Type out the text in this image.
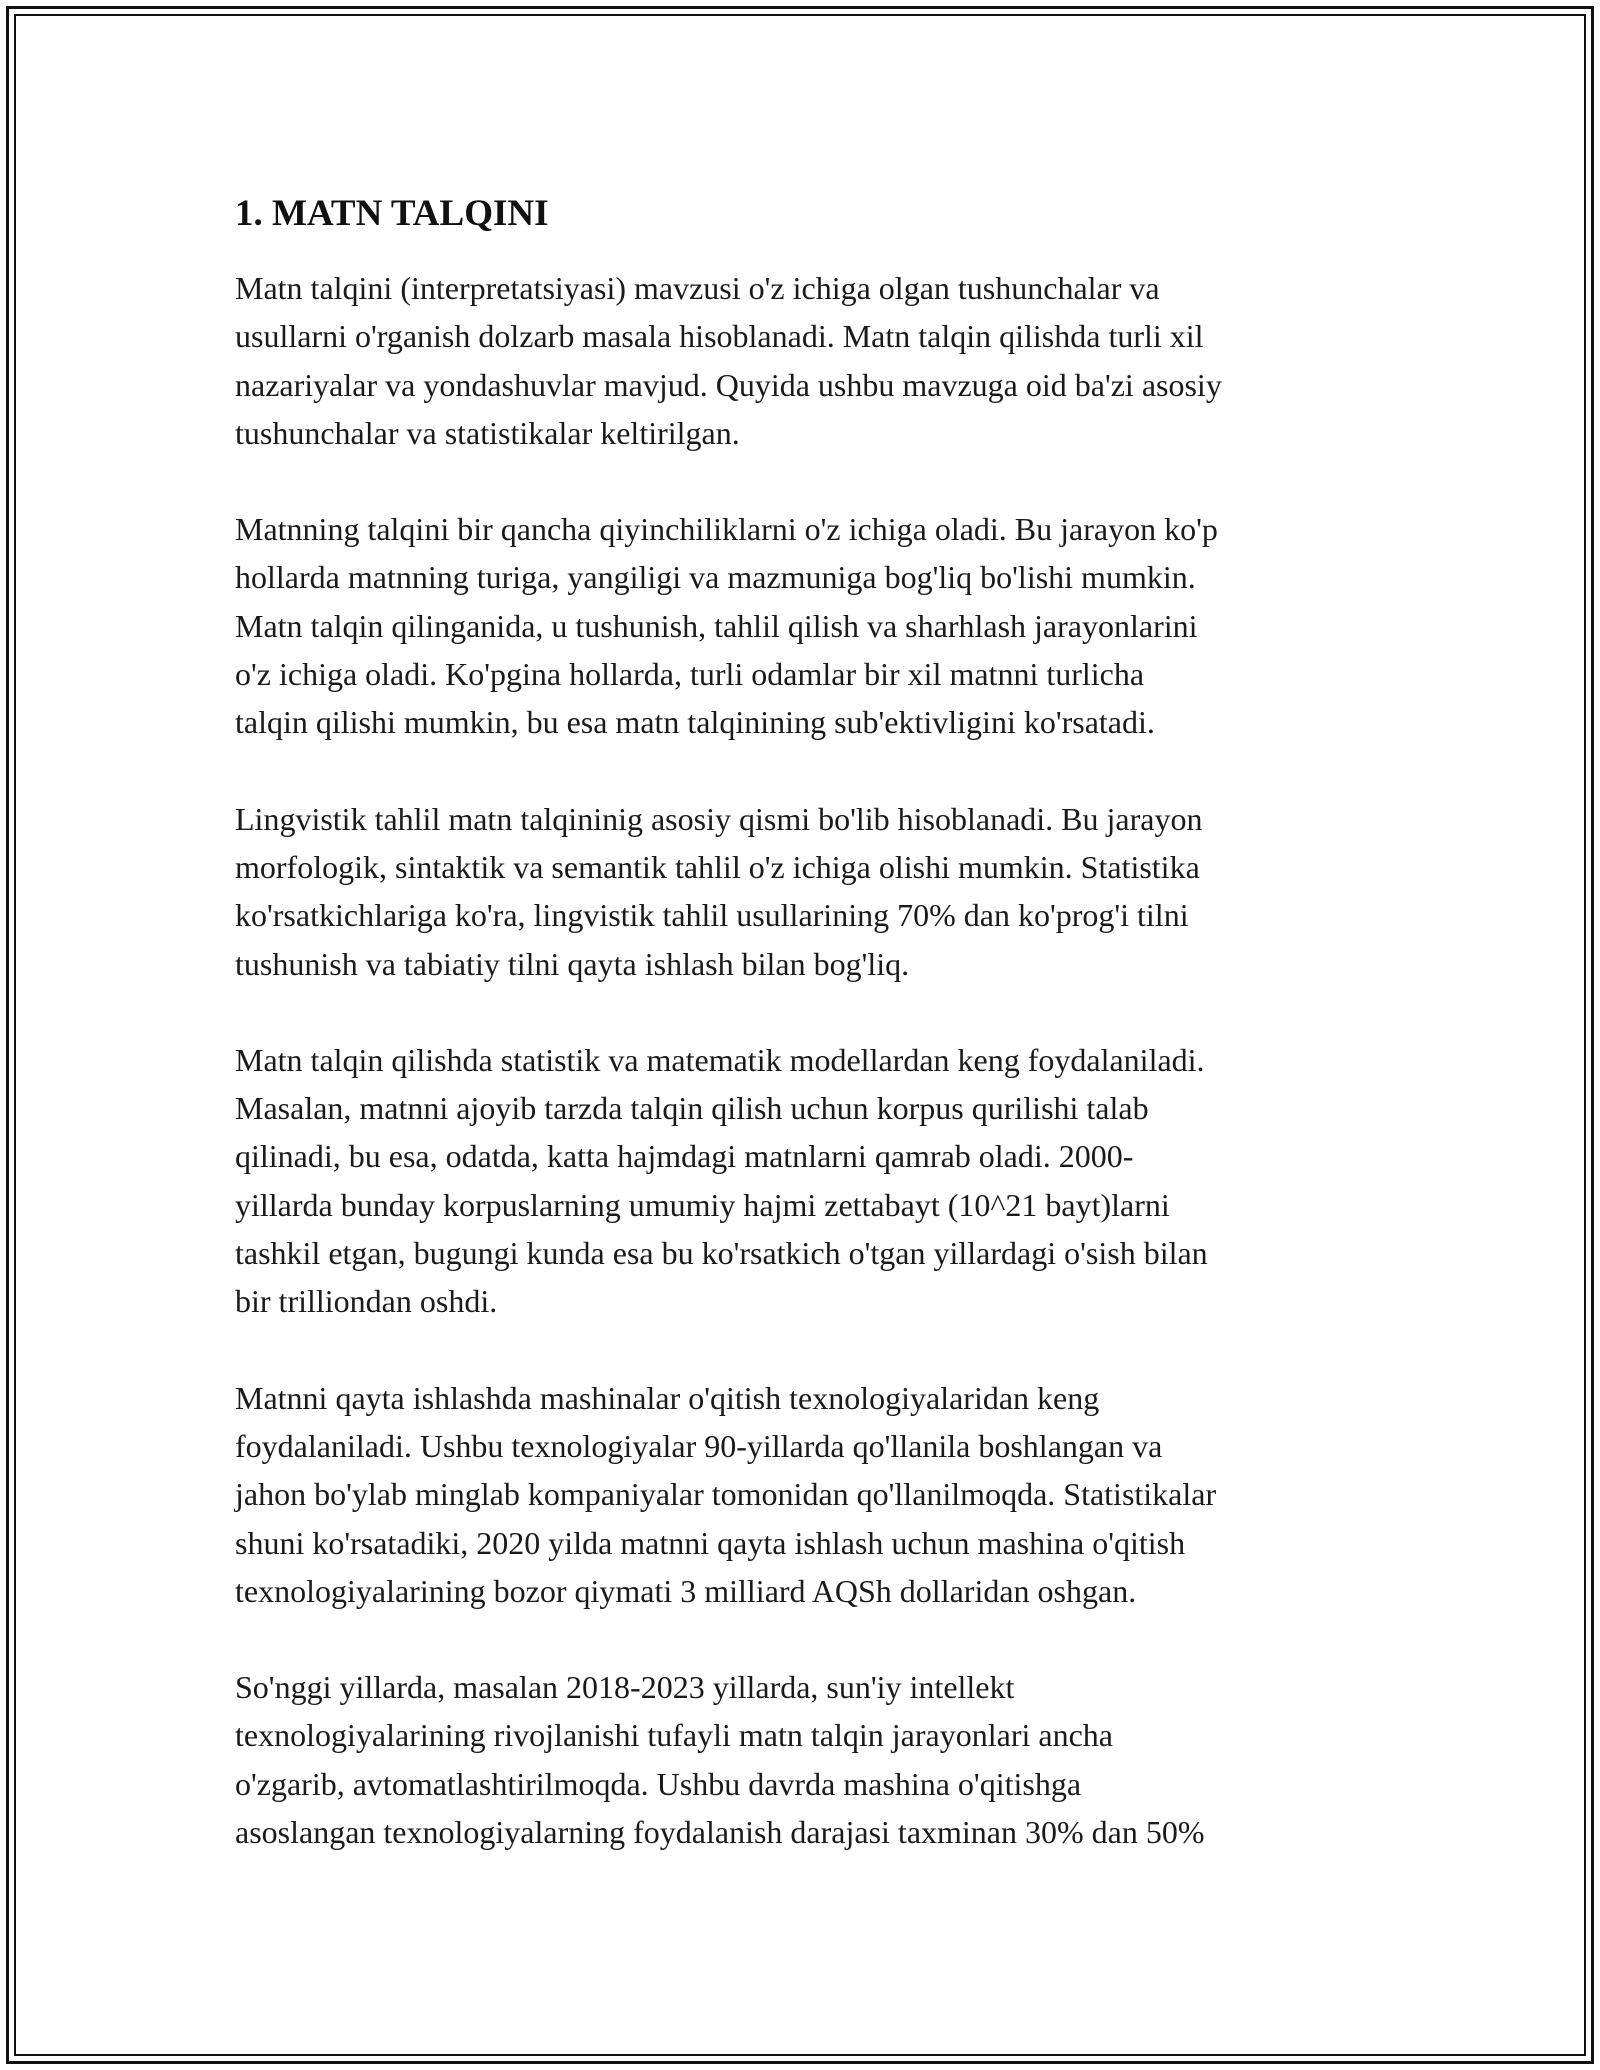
1. MATN TALQINI

Matn talqini (interpretatsiyasi) mavzusi o'z ichiga olgan tushunchalar va
usullarni o'rganish dolzarb masala hisoblanadi. Matn talqin qilishda turli xil
nazariyalar va yondashuvlar mavjud. Quyida ushbu mavzuga oid ba'zi asosiy
tushunchalar va statistikalar keltirilgan.

Matnning talqini bir qancha qiyinchiliklarni o'z ichiga oladi. Bu jarayon ko'p
hollarda matnning turiga, yangiligi va mazmuniga bog'liq bo'lishi mumkin.
Matn talqin qilinganida, u tushunish, tahlil qilish va sharhlash jarayonlarini
o'z ichiga oladi. Ko'pgina hollarda, turli odamlar bir xil matnni turlicha
talqin qilishi mumkin, bu esa matn talqinining sub'ektivligini ko'rsatadi.

Lingvistik tahlil matn talqininig asosiy qismi bo'lib hisoblanadi. Bu jarayon
morfologik, sintaktik va semantik tahlil o'z ichiga olishi mumkin. Statistika
ko'rsatkichlariga ko'ra, lingvistik tahlil usullarining 70% dan ko'prog'i tilni
tushunish va tabiatiy tilni qayta ishlash bilan bog'liq.

Matn talqin qilishda statistik va matematik modellardan keng foydalaniladi.
Masalan, matnni ajoyib tarzda talqin qilish uchun korpus qurilishi talab
qilinadi, bu esa, odatda, katta hajmdagi matnlarni qamrab oladi. 2000-
yillarda bunday korpuslarning umumiy hajmi zettabayt (10^21 bayt)larni
tashkil etgan, bugungi kunda esa bu ko'rsatkich o'tgan yillardagi o'sish bilan
bir trilliondan oshdi.

Matnni qayta ishlashda mashinalar o'qitish texnologiyalaridan keng
foydalaniladi. Ushbu texnologiyalar 90-yillarda qo'llanila boshlangan va
jahon bo'ylab minglab kompaniyalar tomonidan qo'llanilmoqda. Statistikalar
shuni ko'rsatadiki, 2020 yilda matnni qayta ishlash uchun mashina o'qitish
texnologiyalarining bozor qiymati 3 milliard AQSh dollaridan oshgan.

So'nggi yillarda, masalan 2018-2023 yillarda, sun'iy intellekt
texnologiyalarining rivojlanishi tufayli matn talqin jarayonlari ancha
o'zgarib, avtomatlashtirilmoqda. Ushbu davrda mashina o'qitishga
asoslangan texnologiyalarning foydalanish darajasi taxminan 30% dan 50%
